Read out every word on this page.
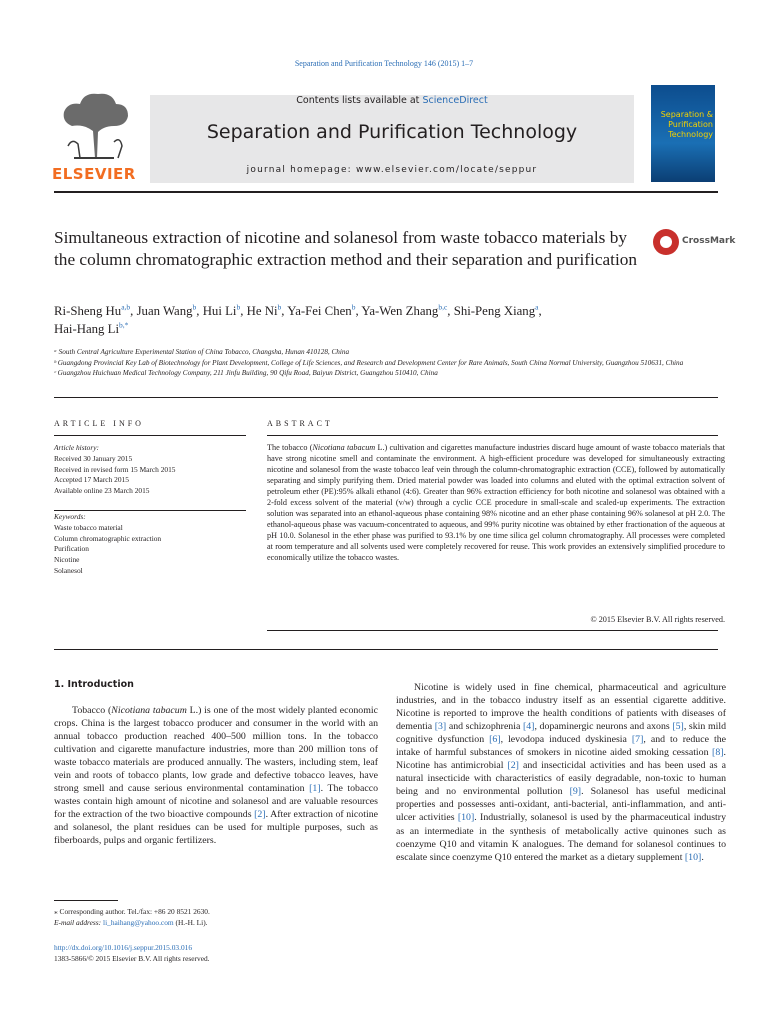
Separation and Purification Technology 146 (2015) 1–7
ELSEVIER
Contents lists available at ScienceDirect
Separation and Purification Technology
journal homepage: www.elsevier.com/locate/seppur
Separation & Purification Technology
Simultaneous extraction of nicotine and solanesol from waste tobacco materials by the column chromatographic extraction method and their separation and purification
CrossMark
Ri-Sheng Hu$^{a,b}$, Juan Wang$^b$, Hui Li$^b$, He Ni$^b$, Ya-Fei Chen$^b$, Ya-Wen Zhang$^{b,c}$, Shi-Peng Xiang$^a$,
Hai-Hang $Li^{b,*}$
ᵃ South Central Agriculture Experimental Station of China Tobacco, Changsha, Hunan 410128, China
ᵇ Guangdong Provincial Key Lab of Biotechnology for Plant Development, College of Life Sciences, and Research and Development Center for Rare Animals, South China Normal University, Guangzhou 510631, China
ᶜ Guangzhou Huichuan Medical Technology Company, 211 Jinfu Building, 90 Qifu Road, Baiyun District, Guangzhou 510410, China
ARTICLE INFO	ABSTRACT
Article history:
Received 30 January 2015
Received in revised form 15 March 2015
Accepted 17 March 2015
Available online 23 March 2015
Keywords:
Waste tobacco material
Column chromatographic extraction
Purification
Nicotine
Solanesol
The tobacco (Nicotiana tabacum L.) cultivation and cigarettes manufacture industries discard huge amount of waste tobacco materials that have strong nicotine smell and contaminate the environment. A high-efficient procedure was developed for simultaneously extracting nicotine and solanesol from the waste tobacco leaf vein through the column-chromatographic extraction (CCE), followed by automatically separating and simply purifying them. Dried material powder was loaded into columns and eluted with the optimal extraction solvent of petroleum ether (PE):95% alkali ethanol (4:6). Greater than 96% extraction efficiency for both nicotine and solanesol was obtained with a 2-fold excess solvent of the material (v/w) through a cyclic CCE procedure in small-scale and scaled-up experiments. The extraction solution was separated into an ethanol-aqueous phase containing 98% nicotine and an ether phase containing 96% solanesol at pH 2.0. The ethanol-aqueous phase was vacuum-concentrated to aqueous, and 99% purity nicotine was obtained by ether fractionation of the aqueous at pH 10.0. Solanesol in the ether phase was purified to 93.1% by one time silica gel column chromatography. All processes were completed at room temperature and all solvents used were completely recovered for reuse. This work provides an extensively simplified procedure to economically utilize the tobacco wastes.
© 2015 Elsevier B.V. All rights reserved.
1. Introduction
Tobacco (Nicotiana tabacum L.) is one of the most widely planted economic crops. China is the largest tobacco producer and consumer in the world with an annual tobacco production reached 400–500 million tons. In the tobacco cultivation and cigarette manufacture industries, more than 200 million tons of waste tobacco materials are produced annually. The wasters, including stem, leaf vein and roots of tobacco plants, low grade and defective tobacco leaves, have strong smell and cause serious environmental contamination [1]. The tobacco wastes contain high amount of nicotine and solanesol and are valuable resources for the extraction of the two bioactive compounds [2]. After extraction of nicotine and solanesol, the plant residues can be used for multiple purposes, such as fiberboards, pulps and organic fertilizers.
Nicotine is widely used in fine chemical, pharmaceutical and agriculture industries, and in the tobacco industry itself as an essential cigarette additive. Nicotine is reported to improve the health conditions of patients with diseases of dementia [3] and schizophrenia [4], dopaminergic neurons and axons [5], skin mild cognitive dysfunction [6], levodopa induced dyskinesia [7], and to reduce the intake of harmful substances of smokers in nicotine aided smoking cessation [8]. Nicotine has antimicrobial [2] and insecticidal activities and has been used as a natural insecticide with characteristics of easily degradable, non-toxic to human being and no environmental pollution [9]. Solanesol has useful medicinal properties and possesses anti-oxidant, anti-bacterial, anti-inflammation, and anti-ulcer activities [10]. Industrially, solanesol is used by the pharmaceutical industry as an intermediate in the synthesis of metabolically active quinones such as coenzyme Q10 and vitamin K analogues. The demand for solanesol continues to escalate since coenzyme Q10 entered the market as a dietary supplement [10].
⁎ Corresponding author. Tel./fax: +86 20 8521 2630.
E-mail address: li_haihang@yahoo.com (H.-H. Li).
http://dx.doi.org/10.1016/j.seppur.2015.03.016
1383-5866/© 2015 Elsevier B.V. All rights reserved.
